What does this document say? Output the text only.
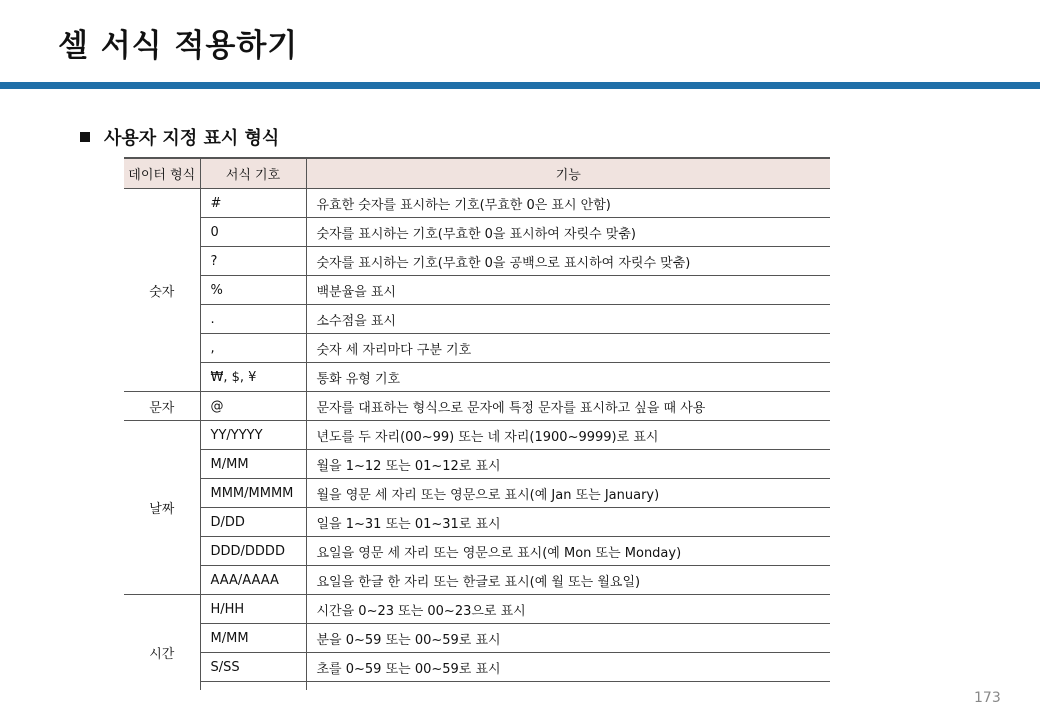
셀 서식 적용하기
사용자 지정 표시 형식
데이터 형식	서식 기호	기능
숫자	#	유효한 숫자를 표시하는 기호(무효한 0은 표시 안함)
	0	숫자를 표시하는 기호(무효한 0을 표시하여 자릿수 맞춤)
	?	숫자를 표시하는 기호(무효한 0을 공백으로 표시하여 자릿수 맞춤)
	%	백분율을 표시
	.	소수점을 표시
	,	숫자 세 자리마다 구분 기호
	₩, $, ¥	통화 유형 기호
문자	@	문자를 대표하는 형식으로 문자에 특정 문자를 표시하고 싶을 때 사용
날짜	YY/YYYY	년도를 두 자리(00~99) 또는 네 자리(1900~9999)로 표시
	M/MM	월을 1~12 또는 01~12로 표시
	MMM/MMMM	월을 영문 세 자리 또는 영문으로 표시(예 Jan 또는 January)
	D/DD	일을 1~31 또는 01~31로 표시
	DDD/DDDD	요일을 영문 세 자리 또는 영문으로 표시(예 Mon 또는 Monday)
	AAA/AAAA	요일을 한글 한 자리 또는 한글로 표시(예 월 또는 월요일)
시간	H/HH	시간을 0~23 또는 00~23으로 표시
	M/MM	분을 0~59 또는 00~59로 표시
	S/SS	초를 0~59 또는 00~59로 표시

173
